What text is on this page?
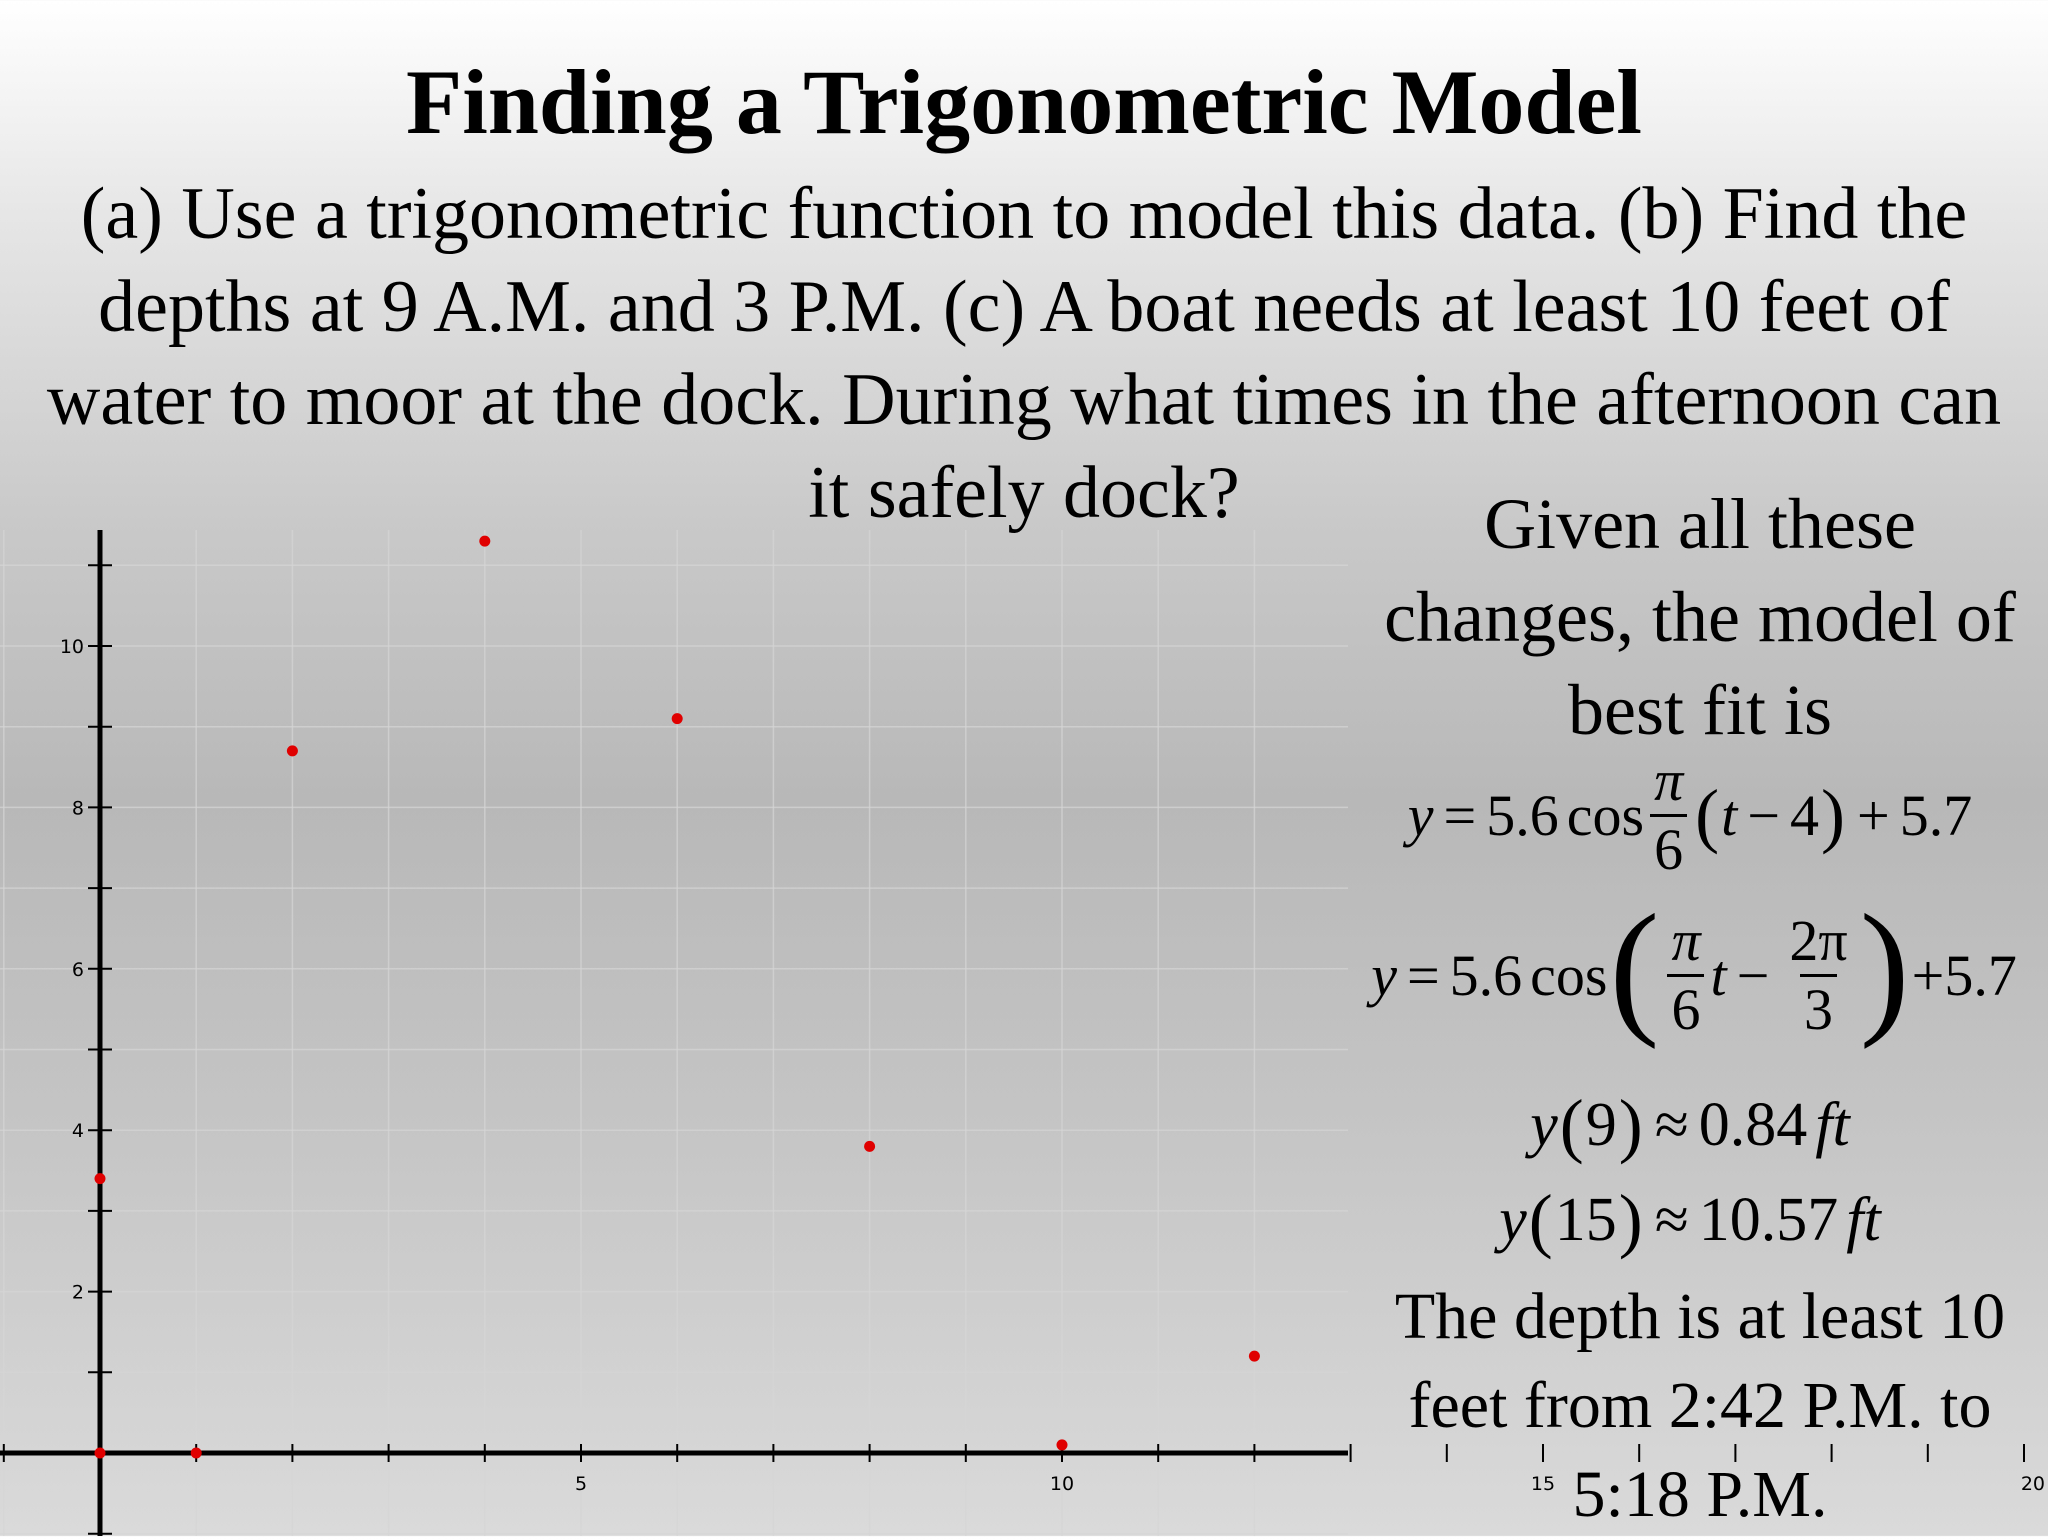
Finding a Trigonometric Model

(a) Use a trigonometric function to model this data. (b) Find the depths at 9 A.M. and 3 P.M. (c) A boat needs at least 10 feet of water to moor at the dock. During what times in the afternoon can it safely dock?

5	10	15	20
2
4
6
8
10
Given all these changes, the model of best fit is
y = 5.6 $\cos \frac{\pi}{6}$ ( t − 4 ) + 5.7
y = 5.6 cos ( $\frac{\pi}{6}$ $t - \frac{2\pi}{3}$ ) + 5.7
y ( 9 ) ≈ 0.84 ft
y ( 15 ) ≈ 10.57 ft
The depth is at least 10
feet from 2:42 P.M. to
5:18 P.M.
